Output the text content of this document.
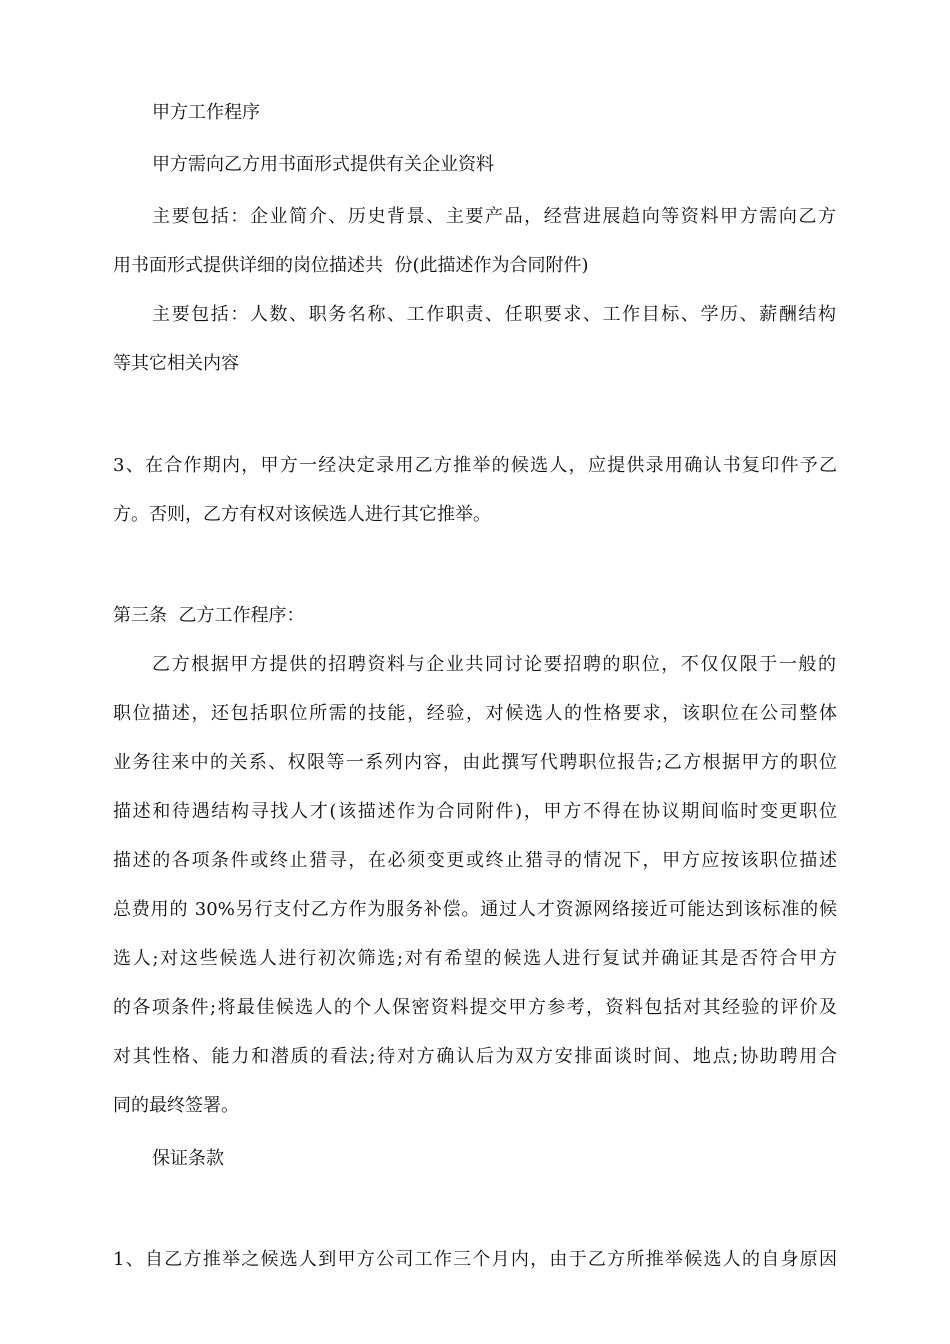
甲方工作程序
甲方需向乙方用书面形式提供有关企业资料
主要包括：企业简介、历史背景、主要产品，经营进展趋向等资料甲方需向乙方
用书面形式提供详细的岗位描述共  份(此描述作为合同附件)
主要包括：人数、职务名称、工作职责、任职要求、工作目标、学历、薪酬结构
等其它相关内容
3、在合作期内，甲方一经决定录用乙方推举的候选人，应提供录用确认书复印件予乙
方。否则，乙方有权对该候选人进行其它推举。
第三条  乙方工作程序：
乙方根据甲方提供的招聘资料与企业共同讨论要招聘的职位，不仅仅限于一般的
职位描述，还包括职位所需的技能，经验，对候选人的性格要求，该职位在公司整体
业务往来中的关系、权限等一系列内容，由此撰写代聘职位报告;乙方根据甲方的职位
描述和待遇结构寻找人才(该描述作为合同附件)，甲方不得在协议期间临时变更职位
描述的各项条件或终止猎寻，在必须变更或终止猎寻的情况下，甲方应按该职位描述
总费用的 30%另行支付乙方作为服务补偿。通过人才资源网络接近可能达到该标准的候
选人;对这些候选人进行初次筛选;对有希望的候选人进行复试并确证其是否符合甲方
的各项条件;将最佳候选人的个人保密资料提交甲方参考，资料包括对其经验的评价及
对其性格、能力和潜质的看法;待对方确认后为双方安排面谈时间、地点;协助聘用合
同的最终签署。
保证条款
1、自乙方推举之候选人到甲方公司工作三个月内，由于乙方所推举候选人的自身原因
